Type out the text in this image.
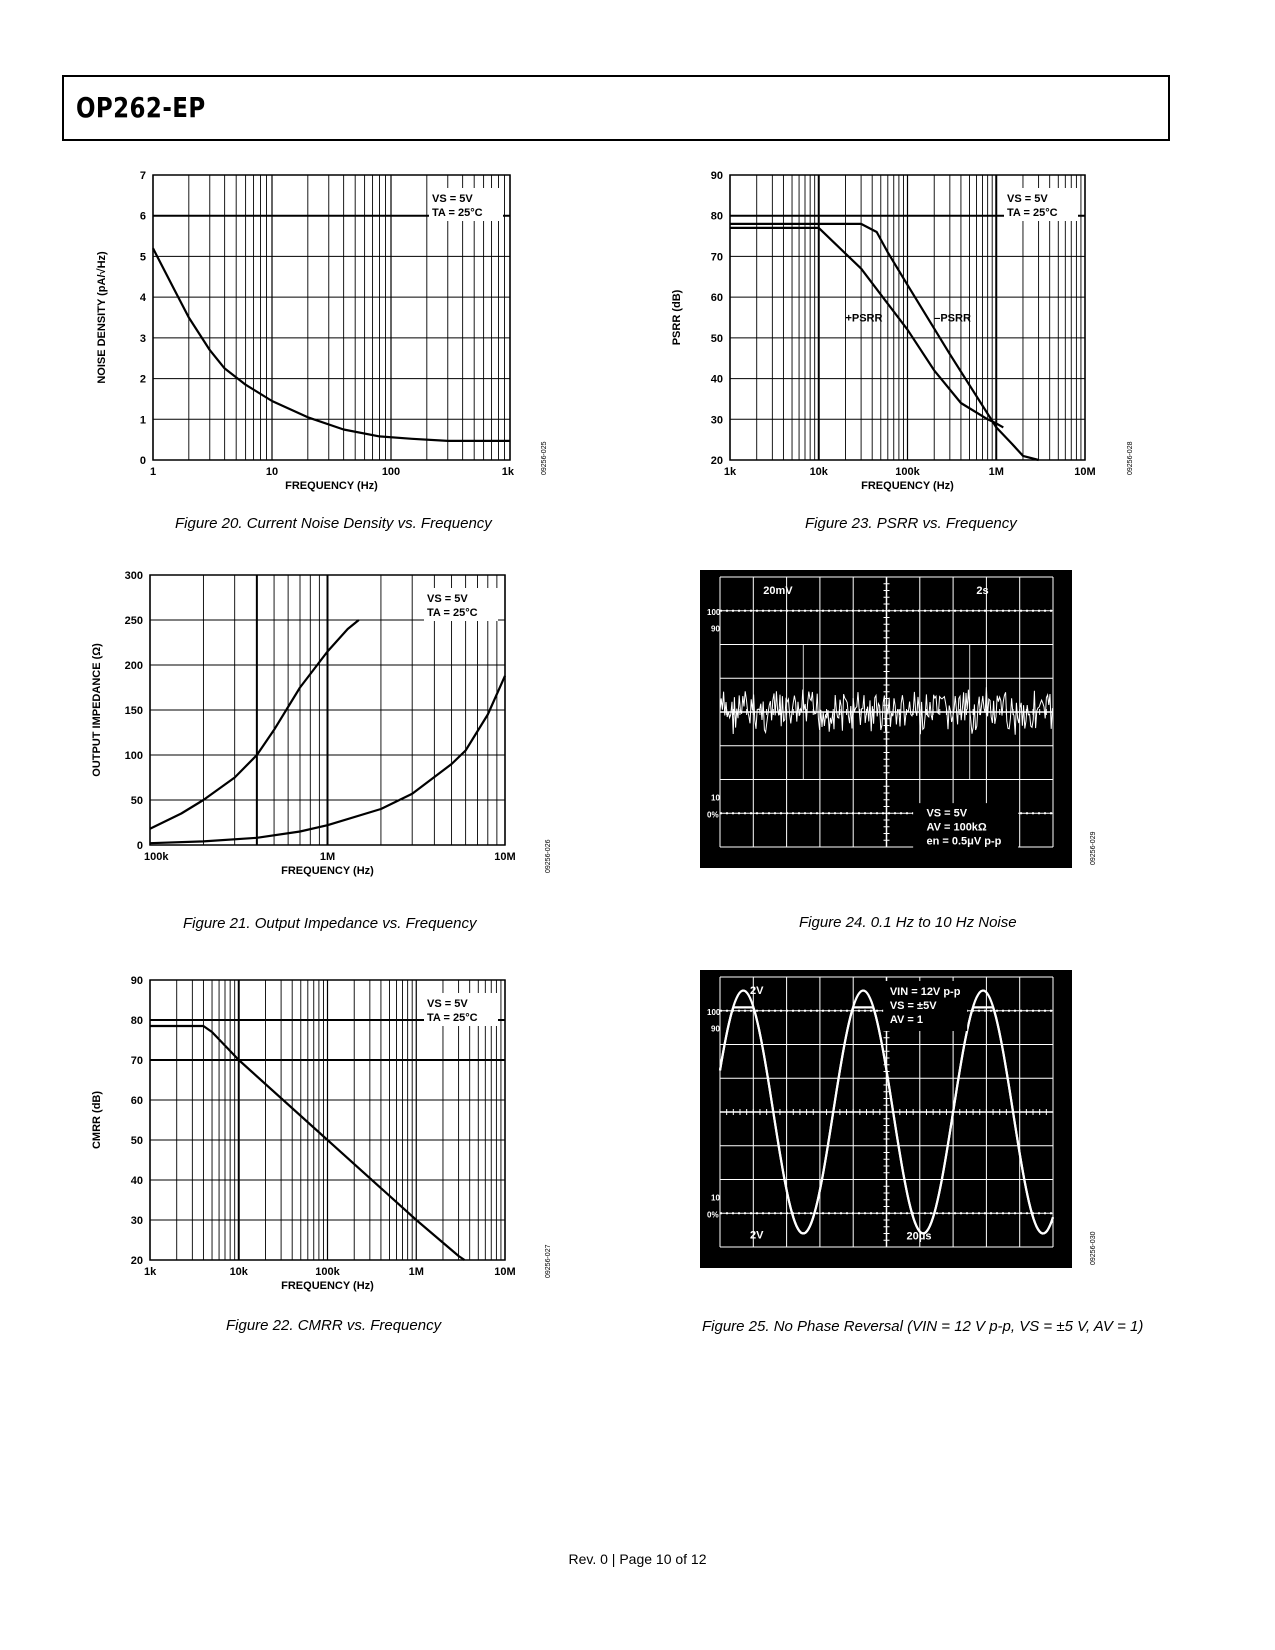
OP262-EP
1	10	100	1k
0
1
2
3
4
5
6
7
FREQUENCY (Hz)
NOISE DENSITY (pA/√Hz)
VS = 5V
TA = 25°C
09256-025
Figure 20. Current Noise Density vs. Frequency
100k	1M	10M
0
50
100
150
200
250
300
FREQUENCY (Hz)
OUTPUT IMPEDANCE (Ω)
VS = 5V
TA = 25°C
09256-026
Figure 21. Output Impedance vs. Frequency
1k	10k	100k	1M	10M
20
30
40
50
60
70
80
90
FREQUENCY (Hz)
CMRR (dB)
VS = 5V
TA = 25°C
09256-027
Figure 22. CMRR vs. Frequency
1k	10k	100k	1M	10M
20
30
40
50
60
70
80
90
FREQUENCY (Hz)
PSRR (dB)
VS = 5V
TA = 25°C
+PSRR	–PSRR
09256-028
Figure 23. PSRR vs. Frequency
100
90
10
0%
20mV	2s
VS = 5V
AV = 100kΩ
en = 0.5μV p-p	09256-029
Figure 24. 0.1 Hz to 10 Hz Noise
100
90
10
0%
2V
2V	20μs
VIN = 12V p-p
VS = ±5V
AV = 1
09256-030
Figure 25. No Phase Reversal (VIN = 12 V p-p, VS = ±5 V, AV = 1)
Rev. 0 | Page 10 of 12
